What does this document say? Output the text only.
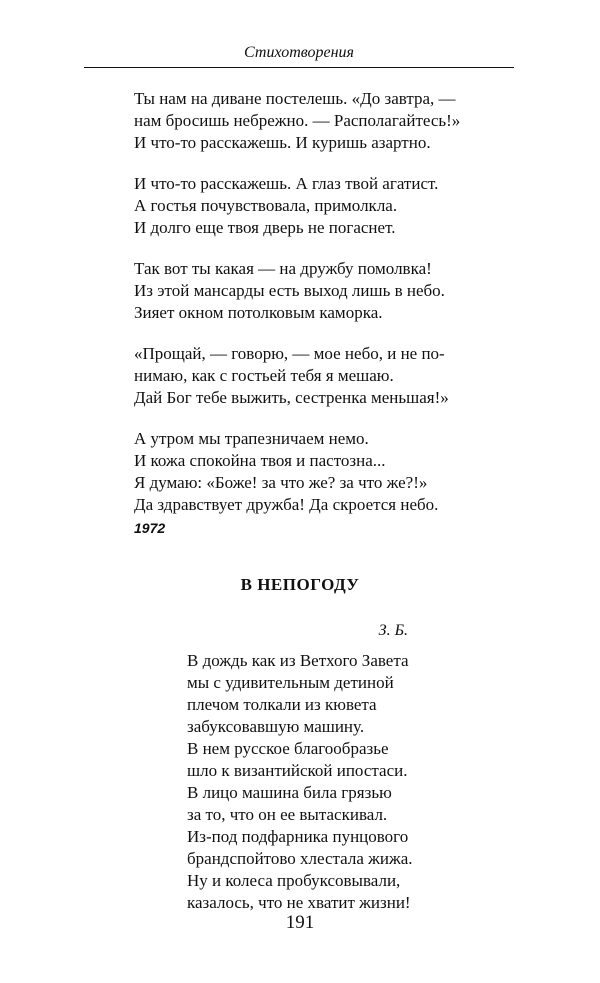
Стихотворения
Ты нам на диване постелешь. «До завтра, —
нам бросишь небрежно. — Располагайтесь!»
И что-то расскажешь. И куришь азартно.
И что-то расскажешь. А глаз твой агатист.
А гостья почувствовала, примолкла.
И долго еще твоя дверь не погаснет.
Так вот ты какая — на дружбу помолвка!
Из этой мансарды есть выход лишь в небо.
Зияет окном потолковым каморка.
«Прощай, — говорю, — мое небо, и не по-
нимаю, как с гостьей тебя я мешаю.
Дай Бог тебе выжить, сестренка меньшая!»
А утром мы трапезничаем немо.
И кожа спокойна твоя и пастозна...
Я думаю: «Боже! за что же? за что же?!»
Да здравствует дружба! Да скроется небо.
1972
В НЕПОГОДУ
З. Б.
В дождь как из Ветхого Завета
мы с удивительным детиной
плечом толкали из кювета
забуксовавшую машину.
В нем русское благообразье
шло к византийской ипостаси.
В лицо машина била грязью
за то, что он ее вытаскивал.
Из-под подфарника пунцового
брандспойтово хлестала жижа.
Ну и колеса пробуксовывали,
казалось, что не хватит жизни!
191
